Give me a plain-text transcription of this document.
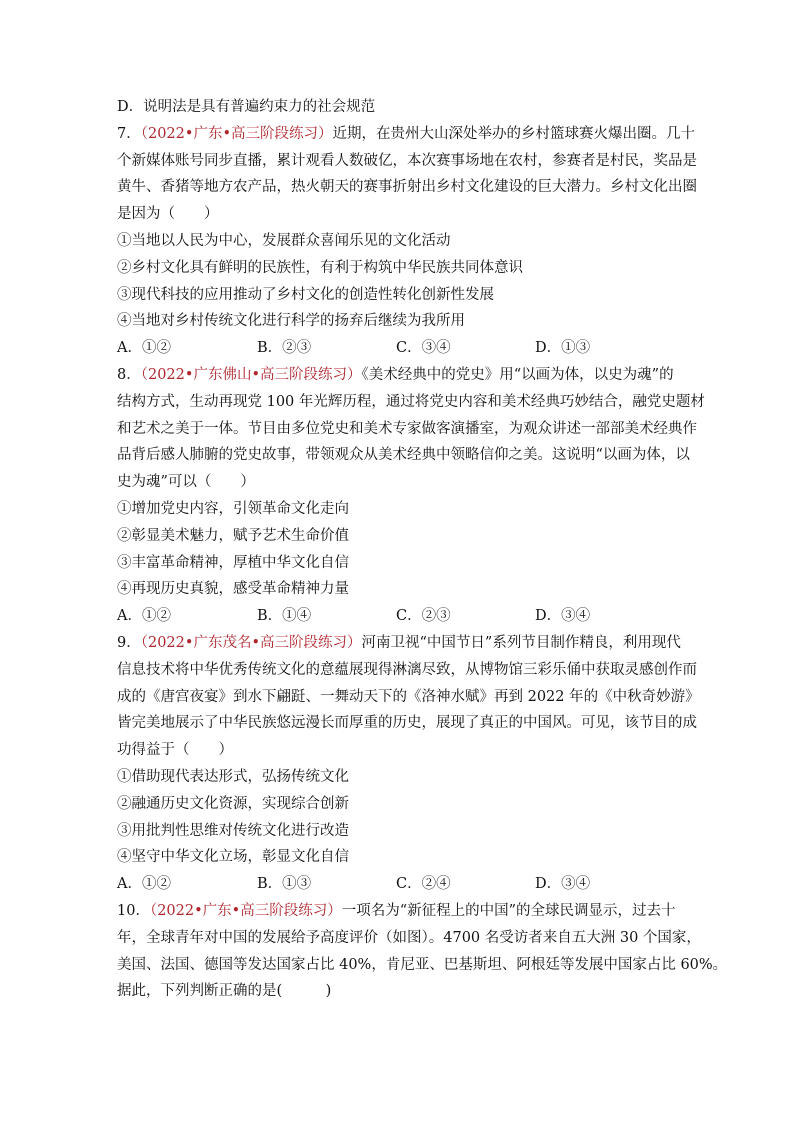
D．说明法是具有普遍约束力的社会规范
7．（2022•广东•高三阶段练习）近期，在贵州大山深处举办的乡村篮球赛火爆出圈。几十
个新媒体账号同步直播，累计观看人数破亿，本次赛事场地在农村，参赛者是村民，奖品是
黄牛、香猪等地方农产品，热火朝天的赛事折射出乡村文化建设的巨大潜力。乡村文化出圈
是因为（　　）
①当地以人民为中心，发展群众喜闻乐见的文化活动
②乡村文化具有鲜明的民族性，有利于构筑中华民族共同体意识
③现代科技的应用推动了乡村文化的创造性转化创新性发展
④当地对乡村传统文化进行科学的扬弃后继续为我所用
A．①②	B．②③	C．③④	D．①③
8．（2022•广东佛山•高三阶段练习）《美术经典中的党史》用“以画为体，以史为魂”的
结构方式，生动再现党 100 年光辉历程，通过将党史内容和美术经典巧妙结合，融党史题材
和艺术之美于一体。节目由多位党史和美术专家做客演播室，为观众讲述一部部美术经典作
品背后感人肺腑的党史故事，带领观众从美术经典中领略信仰之美。这说明“以画为体，以
史为魂”可以（　　）
①增加党史内容，引领革命文化走向
②彰显美术魅力，赋予艺术生命价值
③丰富革命精神，厚植中华文化自信
④再现历史真貌，感受革命精神力量
A．①②	B．①④	C．②③	D．③④
9．（2022•广东茂名•高三阶段练习）河南卫视“中国节日”系列节目制作精良，利用现代
信息技术将中华优秀传统文化的意蕴展现得淋漓尽致，从博物馆三彩乐俑中获取灵感创作而
成的《唐宫夜宴》到水下翩跹、一舞动天下的《洛神水赋》再到 2022 年的《中秋奇妙游》
皆完美地展示了中华民族悠远漫长而厚重的历史，展现了真正的中国风。可见，该节目的成
功得益于（　　）
①借助现代表达形式，弘扬传统文化
②融通历史文化资源，实现综合创新
③用批判性思维对传统文化进行改造
④坚守中华文化立场，彰显文化自信
A．①②	B．①③	C．②④	D．③④
10．（2022•广东•高三阶段练习）一项名为“新征程上的中国”的全球民调显示，过去十
年，全球青年对中国的发展给予高度评价（如图）。4700 名受访者来自五大洲 30 个国家，
美国、法国、德国等发达国家占比 40%，肯尼亚、巴基斯坦、阿根廷等发展中国家占比 60%。
据此，下列判断正确的是(　　　)
